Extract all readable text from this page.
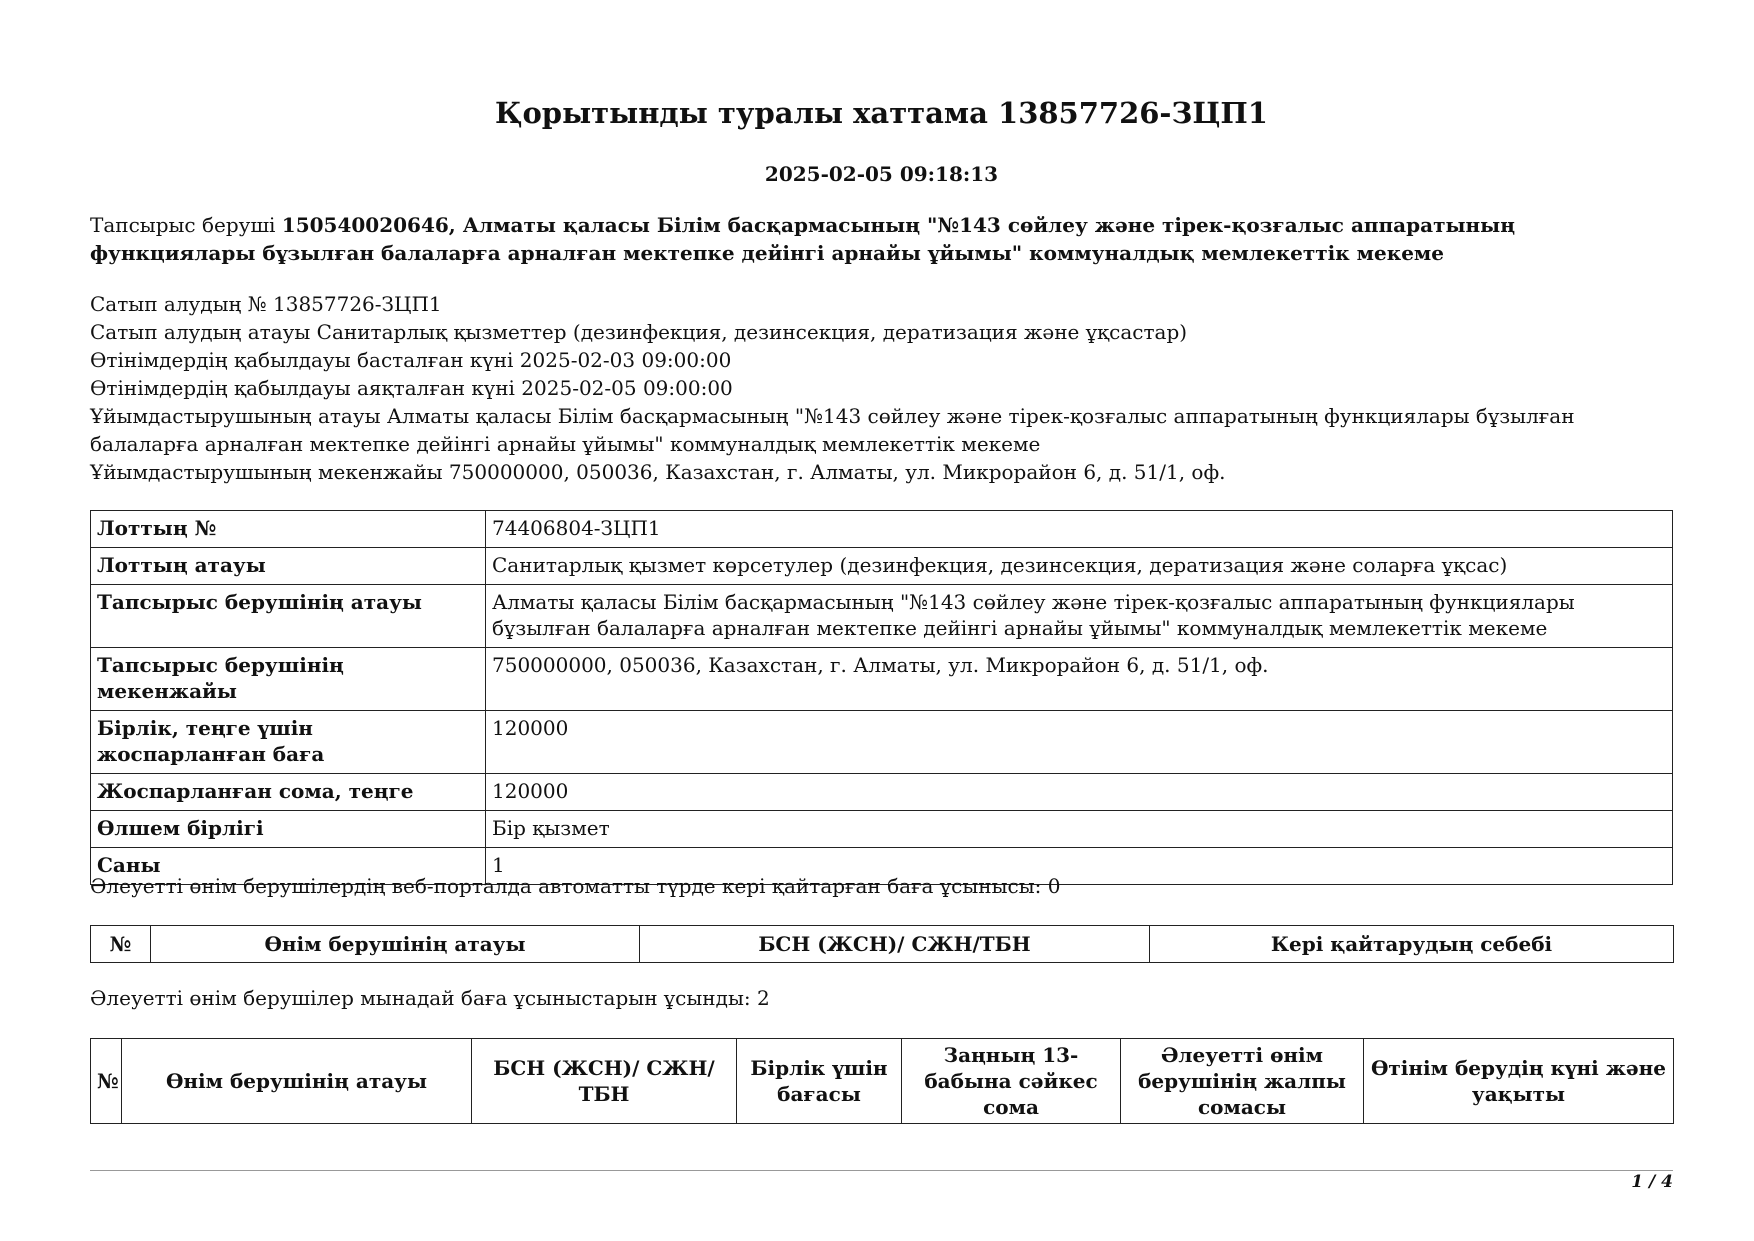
Қорытынды туралы хаттама 13857726-ЗЦП1
2025-02-05 09:18:13
Тапсырыс беруші 150540020646, Алматы қаласы Білім басқармасының "№143 сөйлеу және тірек-қозғалыс аппаратының функциялары бұзылған балаларға арналған мектепке дейінгі арнайы ұйымы" коммуналдық мемлекеттік мекеме
Сатып алудың № 13857726-ЗЦП1
Сатып алудың атауы Санитарлық қызметтер (дезинфекция, дезинсекция, дератизация және ұқсастар)
Өтінімдердің қабылдауы басталған күні 2025-02-03 09:00:00
Өтінімдердің қабылдауы аяқталған күні 2025-02-05 09:00:00
Ұйымдастырушының атауы Алматы қаласы Білім басқармасының "№143 сөйлеу және тірек-қозғалыс аппаратының функциялары бұзылған балаларға арналған мектепке дейінгі арнайы ұйымы" коммуналдық мемлекеттік мекеме
Ұйымдастырушының мекенжайы 750000000, 050036, Казахстан, г. Алматы, ул. Микрорайон 6, д. 51/1, оф.
Лоттың №	74406804-ЗЦП1
Лоттың атауы	Санитарлық қызмет көрсетулер (дезинфекция, дезинсекция, дератизация және соларға ұқсас)
Тапсырыс берушінің атауы	Алматы қаласы Білім басқармасының "№143 сөйлеу және тірек-қозғалыс аппаратының функциялары бұзылған балаларға арналған мектепке дейінгі арнайы ұйымы" коммуналдық мемлекеттік мекеме
Тапсырыс берушінің мекенжайы	750000000, 050036, Казахстан, г. Алматы, ул. Микрорайон 6, д. 51/1, оф.
Бірлік, теңге үшін жоспарланған баға	120000
Жоспарланған сома, теңге	120000
Өлшем бірлігі	Бір қызмет
Саны	1
Әлеуетті өнім берушілердің веб-порталда автоматты түрде кері қайтарған баға ұсынысы: 0
№	Өнім берушінің атауы	БСН (ЖСН)/ СЖН/ТБН	Кері қайтарудың себебі
Әлеуетті өнім берушілер мынадай баға ұсыныстарын ұсынды: 2
№	Өнім берушінің атауы	БСН (ЖСН)/ СЖН/ТБН	Бірлік үшін бағасы	Заңның 13-бабына сәйкес сома	Әлеуетті өнім берушінің жалпы сомасы	Өтінім берудің күні және уақыты
1 / 4
